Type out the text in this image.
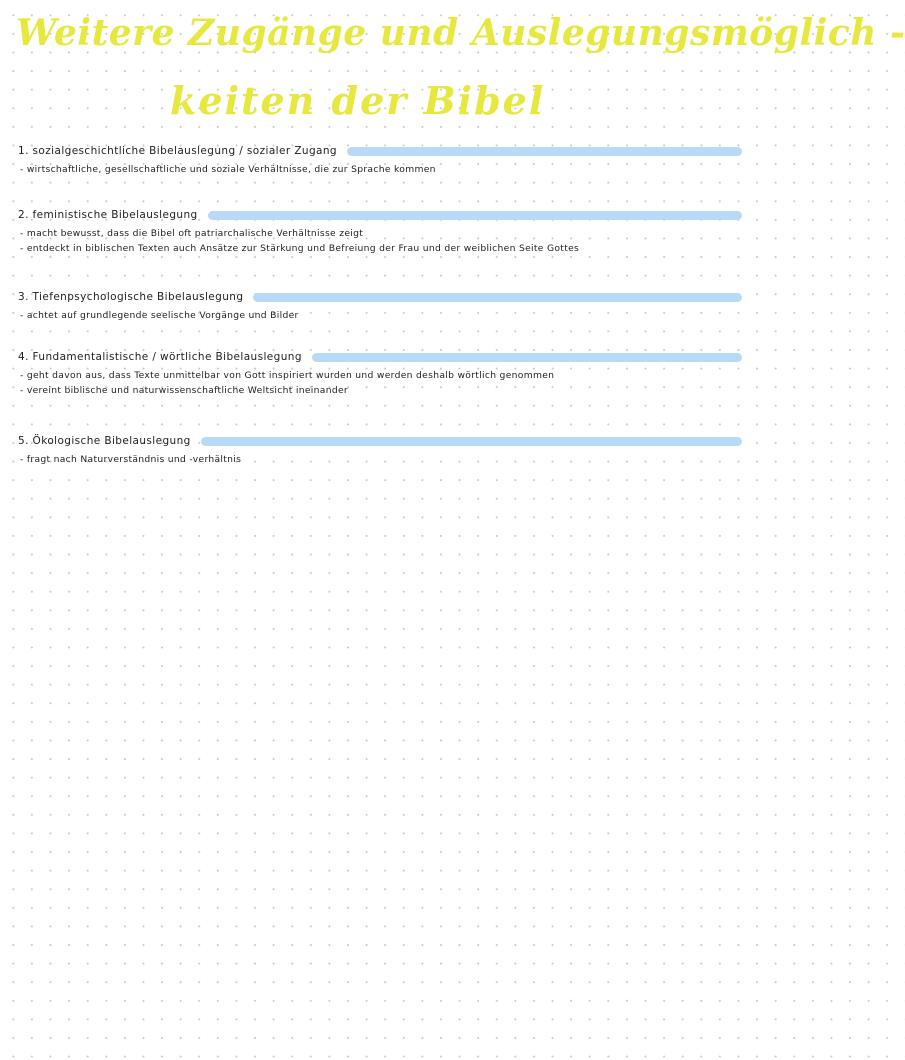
Weitere Zugänge und Auslegungsmöglich -
keiten der Bibel
1. sozialgeschichtliche Bibelauslegung / sozialer Zugang
- wirtschaftliche, gesellschaftliche und soziale Verhältnisse, die zur Sprache kommen
2. feministische Bibelauslegung
- macht bewusst, dass die Bibel oft patriarchalische Verhältnisse zeigt
- entdeckt in biblischen Texten auch Ansätze zur Stärkung und Befreiung der Frau und der weiblichen Seite Gottes
3. Tiefenpsychologische Bibelauslegung
- achtet auf grundlegende seelische Vorgänge und Bilder
4. Fundamentalistische / wörtliche Bibelauslegung
- geht davon aus, dass Texte unmittelbar von Gott inspiriert wurden und werden deshalb wörtlich genommen
- vereint biblische und naturwissenschaftliche Weltsicht ineinander
5. Ökologische Bibelauslegung
- fragt nach Naturverständnis und -verhältnis
